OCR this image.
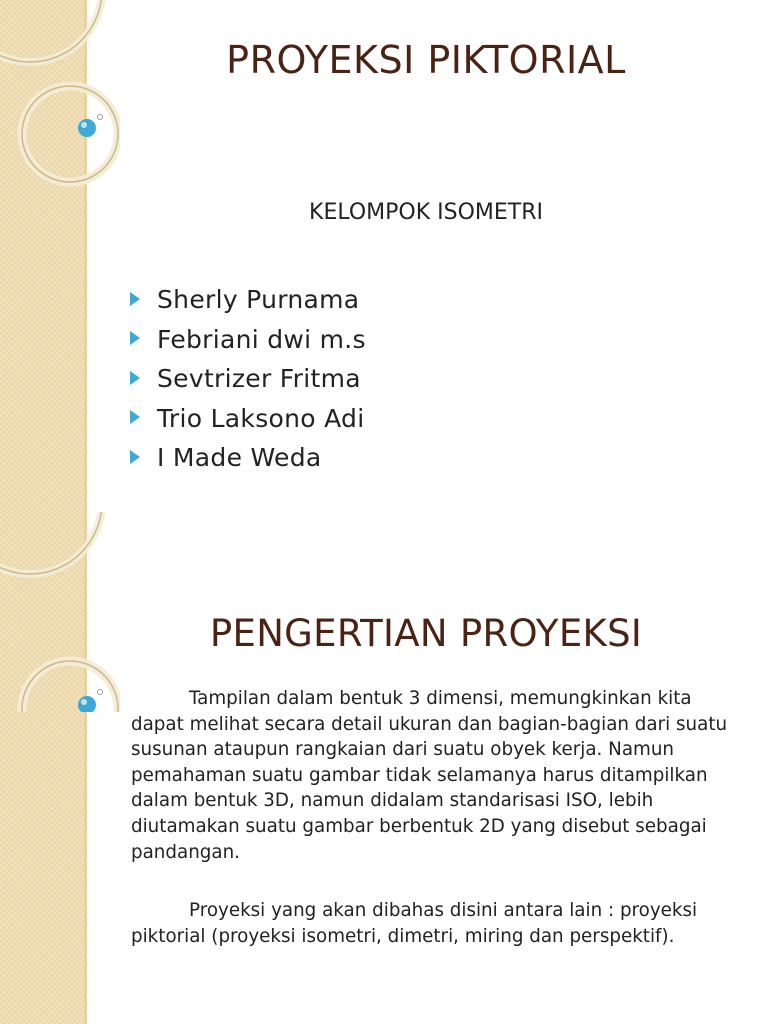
PROYEKSI PIKTORIAL
KELOMPOK ISOMETRI
Sherly Purnama
Febriani dwi m.s
Sevtrizer Fritma
Trio Laksono Adi
I Made Weda
PENGERTIAN PROYEKSI

Tampilan dalam bentuk 3 dimensi, memungkinkan kita dapat melihat secara detail ukuran dan bagian-bagian dari suatu susunan ataupun rangkaian dari suatu obyek kerja. Namun pemahaman suatu gambar tidak selamanya harus ditampilkan dalam bentuk 3D, namun didalam standarisasi ISO, lebih diutamakan suatu gambar berbentuk 2D yang disebut sebagai pandangan.

Proyeksi yang akan dibahas disini antara lain : proyeksi piktorial (proyeksi isometri, dimetri, miring dan perspektif).
